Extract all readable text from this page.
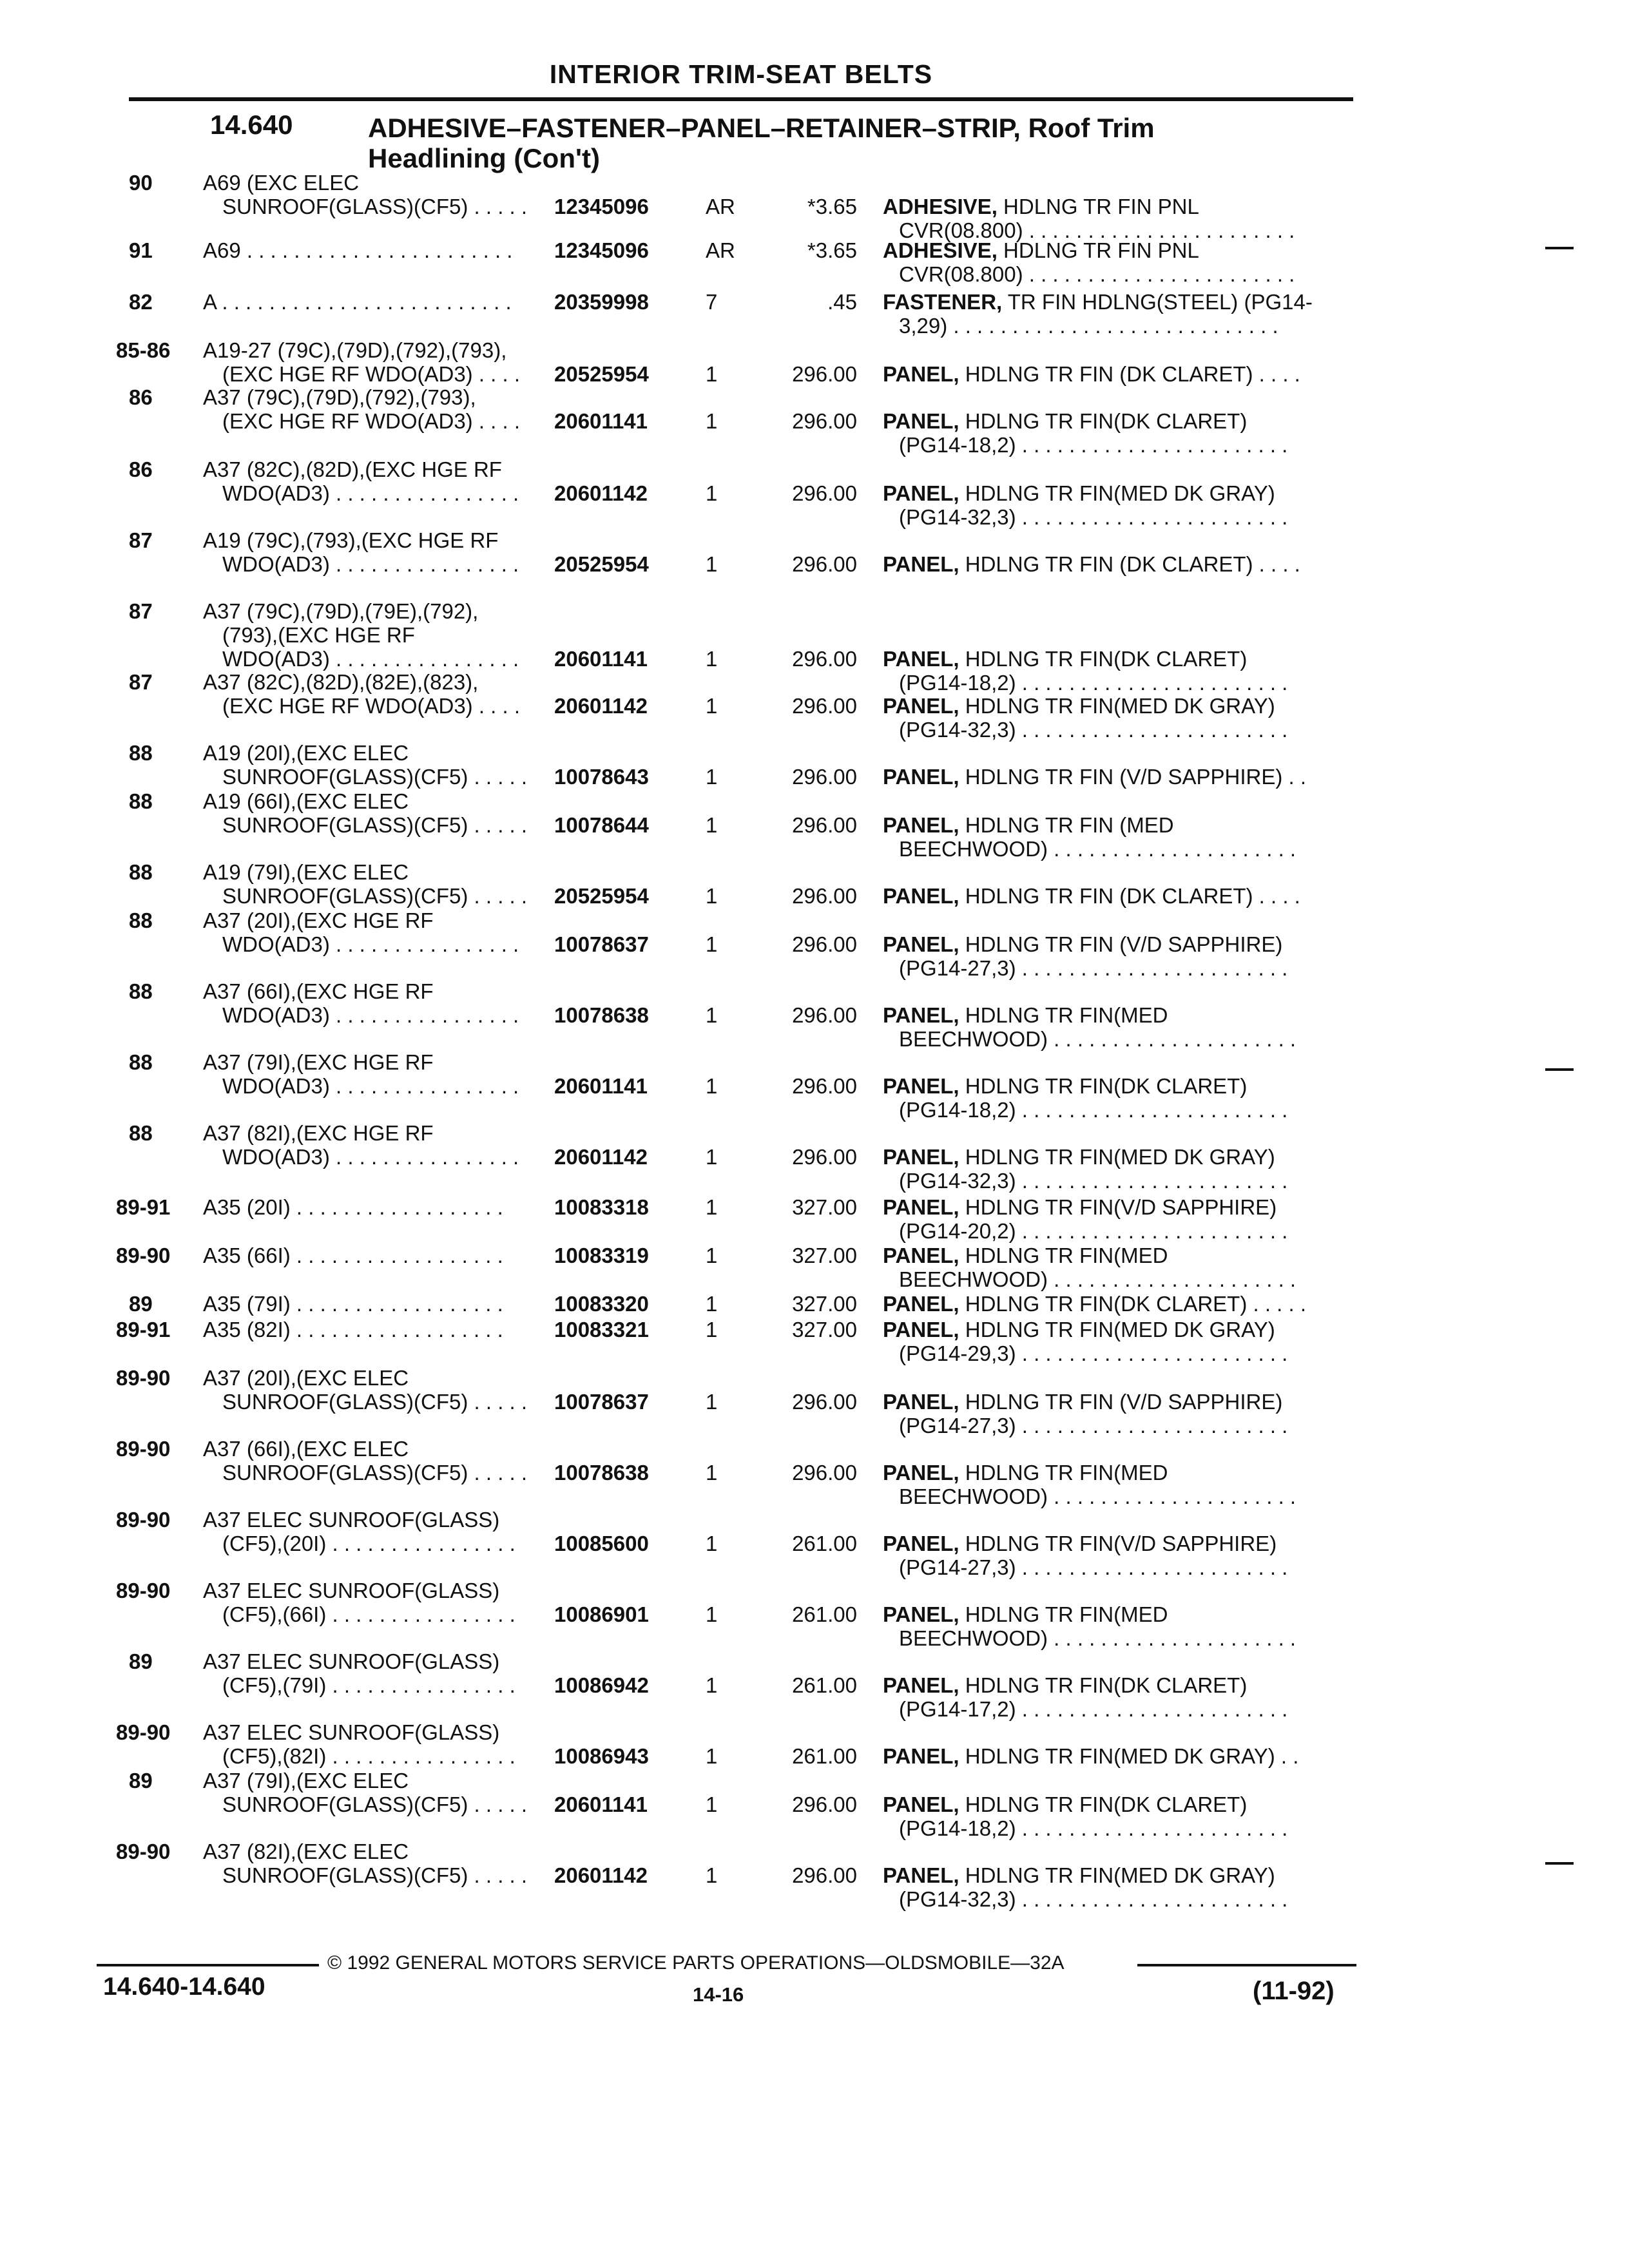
INTERIOR TRIM-SEAT BELTS
14.640	ADHESIVE–FASTENER–PANEL–RETAINER–STRIP, Roof Trim
Headlining (Con't)
90 A69 (EXC ELEC
SUNROOF(GLASS)(CF5) . . . . . 12345096	AR	*3.65 ADHESIVE, HDLNG TR FIN PNL
CVR(08.800) . . . . . . . . . . . . . . . . . . . . . . .
91 A69 . . . . . . . . . . . . . . . . . . . . . . . 12345096	AR	*3.65 ADHESIVE, HDLNG TR FIN PNL
CVR(08.800) . . . . . . . . . . . . . . . . . . . . . . .
82 A . . . . . . . . . . . . . . . . . . . . . . . . . 20359998	7	.45 FASTENER, TR FIN HDLNG(STEEL) (PG14-
3,29) . . . . . . . . . . . . . . . . . . . . . . . . . . . .
85-86 A19-27 (79C),(79D),(792),(793),
(EXC HGE RF WDO(AD3) . . . . 20525954	1	296.00 PANEL, HDLNG TR FIN (DK CLARET) . . . .
86 A37 (79C),(79D),(792),(793),
(EXC HGE RF WDO(AD3) . . . . 20601141	1	296.00 PANEL, HDLNG TR FIN(DK CLARET)
(PG14-18,2) . . . . . . . . . . . . . . . . . . . . . . .
86 A37 (82C),(82D),(EXC HGE RF
WDO(AD3) . . . . . . . . . . . . . . . . 20601142	1	296.00 PANEL, HDLNG TR FIN(MED DK GRAY)
(PG14-32,3) . . . . . . . . . . . . . . . . . . . . . . .
87 A19 (79C),(793),(EXC HGE RF
WDO(AD3) . . . . . . . . . . . . . . . . 20525954	1	296.00 PANEL, HDLNG TR FIN (DK CLARET) . . . .
87 A37 (79C),(79D),(79E),(792),
(793),(EXC HGE RF
WDO(AD3) . . . . . . . . . . . . . . . . 20601141	1	296.00 PANEL, HDLNG TR FIN(DK CLARET)
(PG14-18,2) . . . . . . . . . . . . . . . . . . . . . . .
87 A37 (82C),(82D),(82E),(823),
(EXC HGE RF WDO(AD3) . . . . 20601142	1	296.00 PANEL, HDLNG TR FIN(MED DK GRAY)
(PG14-32,3) . . . . . . . . . . . . . . . . . . . . . . .
88 A19 (20I),(EXC ELEC
SUNROOF(GLASS)(CF5) . . . . . 10078643	1	296.00 PANEL, HDLNG TR FIN (V/D SAPPHIRE) . .
88 A19 (66I),(EXC ELEC
SUNROOF(GLASS)(CF5) . . . . . 10078644	1	296.00 PANEL, HDLNG TR FIN (MED
BEECHWOOD) . . . . . . . . . . . . . . . . . . . . .
88 A19 (79I),(EXC ELEC
SUNROOF(GLASS)(CF5) . . . . . 20525954	1	296.00 PANEL, HDLNG TR FIN (DK CLARET) . . . .
88 A37 (20I),(EXC HGE RF
WDO(AD3) . . . . . . . . . . . . . . . . 10078637	1	296.00 PANEL, HDLNG TR FIN (V/D SAPPHIRE)
(PG14-27,3) . . . . . . . . . . . . . . . . . . . . . . .
88 A37 (66I),(EXC HGE RF
WDO(AD3) . . . . . . . . . . . . . . . . 10078638	1	296.00 PANEL, HDLNG TR FIN(MED
BEECHWOOD) . . . . . . . . . . . . . . . . . . . . .
88 A37 (79I),(EXC HGE RF
WDO(AD3) . . . . . . . . . . . . . . . . 20601141	1	296.00 PANEL, HDLNG TR FIN(DK CLARET)
(PG14-18,2) . . . . . . . . . . . . . . . . . . . . . . .
88 A37 (82I),(EXC HGE RF
WDO(AD3) . . . . . . . . . . . . . . . . 20601142	1	296.00 PANEL, HDLNG TR FIN(MED DK GRAY)
(PG14-32,3) . . . . . . . . . . . . . . . . . . . . . . .
89-91 A35 (20I) . . . . . . . . . . . . . . . . . . 10083318	1	327.00 PANEL, HDLNG TR FIN(V/D SAPPHIRE)
(PG14-20,2) . . . . . . . . . . . . . . . . . . . . . . .
89-90 A35 (66I) . . . . . . . . . . . . . . . . . . 10083319	1	327.00 PANEL, HDLNG TR FIN(MED
BEECHWOOD) . . . . . . . . . . . . . . . . . . . . .
89 A35 (79I) . . . . . . . . . . . . . . . . . . 10083320	1	327.00 PANEL, HDLNG TR FIN(DK CLARET) . . . . .
89-91 A35 (82I) . . . . . . . . . . . . . . . . . . 10083321	1	327.00 PANEL, HDLNG TR FIN(MED DK GRAY)
(PG14-29,3) . . . . . . . . . . . . . . . . . . . . . . .
89-90 A37 (20I),(EXC ELEC
SUNROOF(GLASS)(CF5) . . . . . 10078637	1	296.00 PANEL, HDLNG TR FIN (V/D SAPPHIRE)
(PG14-27,3) . . . . . . . . . . . . . . . . . . . . . . .
89-90 A37 (66I),(EXC ELEC
SUNROOF(GLASS)(CF5) . . . . . 10078638	1	296.00 PANEL, HDLNG TR FIN(MED
BEECHWOOD) . . . . . . . . . . . . . . . . . . . . .
89-90 A37 ELEC SUNROOF(GLASS)
(CF5),(20I) . . . . . . . . . . . . . . . . 10085600	1	261.00 PANEL, HDLNG TR FIN(V/D SAPPHIRE)
(PG14-27,3) . . . . . . . . . . . . . . . . . . . . . . .
89-90 A37 ELEC SUNROOF(GLASS)
(CF5),(66I) . . . . . . . . . . . . . . . . 10086901	1	261.00 PANEL, HDLNG TR FIN(MED
BEECHWOOD) . . . . . . . . . . . . . . . . . . . . .
89 A37 ELEC SUNROOF(GLASS)
(CF5),(79I) . . . . . . . . . . . . . . . . 10086942	1	261.00 PANEL, HDLNG TR FIN(DK CLARET)
(PG14-17,2) . . . . . . . . . . . . . . . . . . . . . . .
89-90 A37 ELEC SUNROOF(GLASS)
(CF5),(82I) . . . . . . . . . . . . . . . . 10086943	1	261.00 PANEL, HDLNG TR FIN(MED DK GRAY) . .
89 A37 (79I),(EXC ELEC
SUNROOF(GLASS)(CF5) . . . . . 20601141	1	296.00 PANEL, HDLNG TR FIN(DK CLARET)
(PG14-18,2) . . . . . . . . . . . . . . . . . . . . . . .
89-90 A37 (82I),(EXC ELEC
SUNROOF(GLASS)(CF5) . . . . . 20601142	1	296.00 PANEL, HDLNG TR FIN(MED DK GRAY)
(PG14-32,3) . . . . . . . . . . . . . . . . . . . . . . .
© 1992 GENERAL MOTORS SERVICE PARTS OPERATIONS—OLDSMOBILE—32A
14.640-14.640	14-16	(11-92)
